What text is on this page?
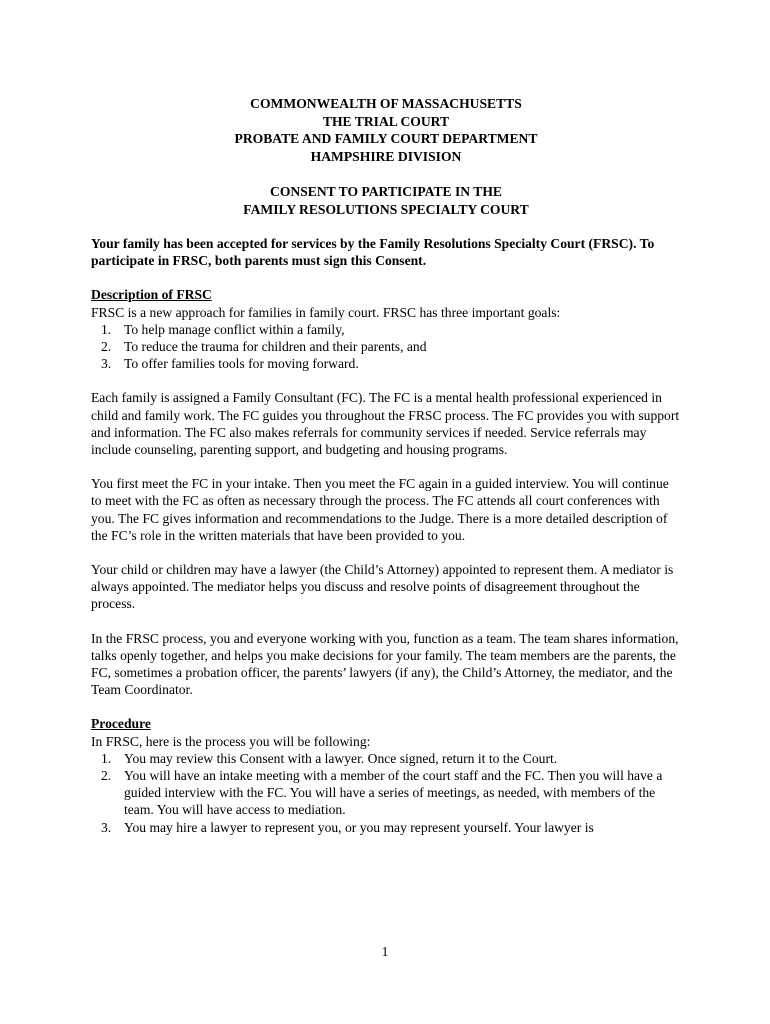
COMMONWEALTH OF MASSACHUSETTS
THE TRIAL COURT
PROBATE AND FAMILY COURT DEPARTMENT
HAMPSHIRE DIVISION
CONSENT TO PARTICIPATE IN THE
FAMILY RESOLUTIONS SPECIALTY COURT

Your family has been accepted for services by the Family Resolutions Specialty Court (FRSC). To participate in FRSC, both parents must sign this Consent.

Description of FRSC

FRSC is a new approach for families in family court. FRSC has three important goals:

1. To help manage conflict within a family,
2. To reduce the trauma for children and their parents, and
3. To offer families tools for moving forward.

Each family is assigned a Family Consultant (FC). The FC is a mental health professional experienced in child and family work. The FC guides you throughout the FRSC process. The FC provides you with support and information. The FC also makes referrals for community services if needed. Service referrals may include counseling, parenting support, and budgeting and housing programs.

You first meet the FC in your intake. Then you meet the FC again in a guided interview. You will continue to meet with the FC as often as necessary through the process. The FC attends all court conferences with you. The FC gives information and recommendations to the Judge. There is a more detailed description of the FC’s role in the written materials that have been provided to you.

Your child or children may have a lawyer (the Child’s Attorney) appointed to represent them. A mediator is always appointed. The mediator helps you discuss and resolve points of disagreement throughout the process.

In the FRSC process, you and everyone working with you, function as a team. The team shares information, talks openly together, and helps you make decisions for your family. The team members are the parents, the FC, sometimes a probation officer, the parents’ lawyers (if any), the Child’s Attorney, the mediator, and the Team Coordinator.

Procedure

In FRSC, here is the process you will be following:

1. You may review this Consent with a lawyer. Once signed, return it to the Court.
2. You will have an intake meeting with a member of the court staff and the FC. Then you will have a guided interview with the FC. You will have a series of meetings, as needed, with members of the team. You will have access to mediation.
3. You may hire a lawyer to represent you, or you may represent yourself. Your lawyer is
1
